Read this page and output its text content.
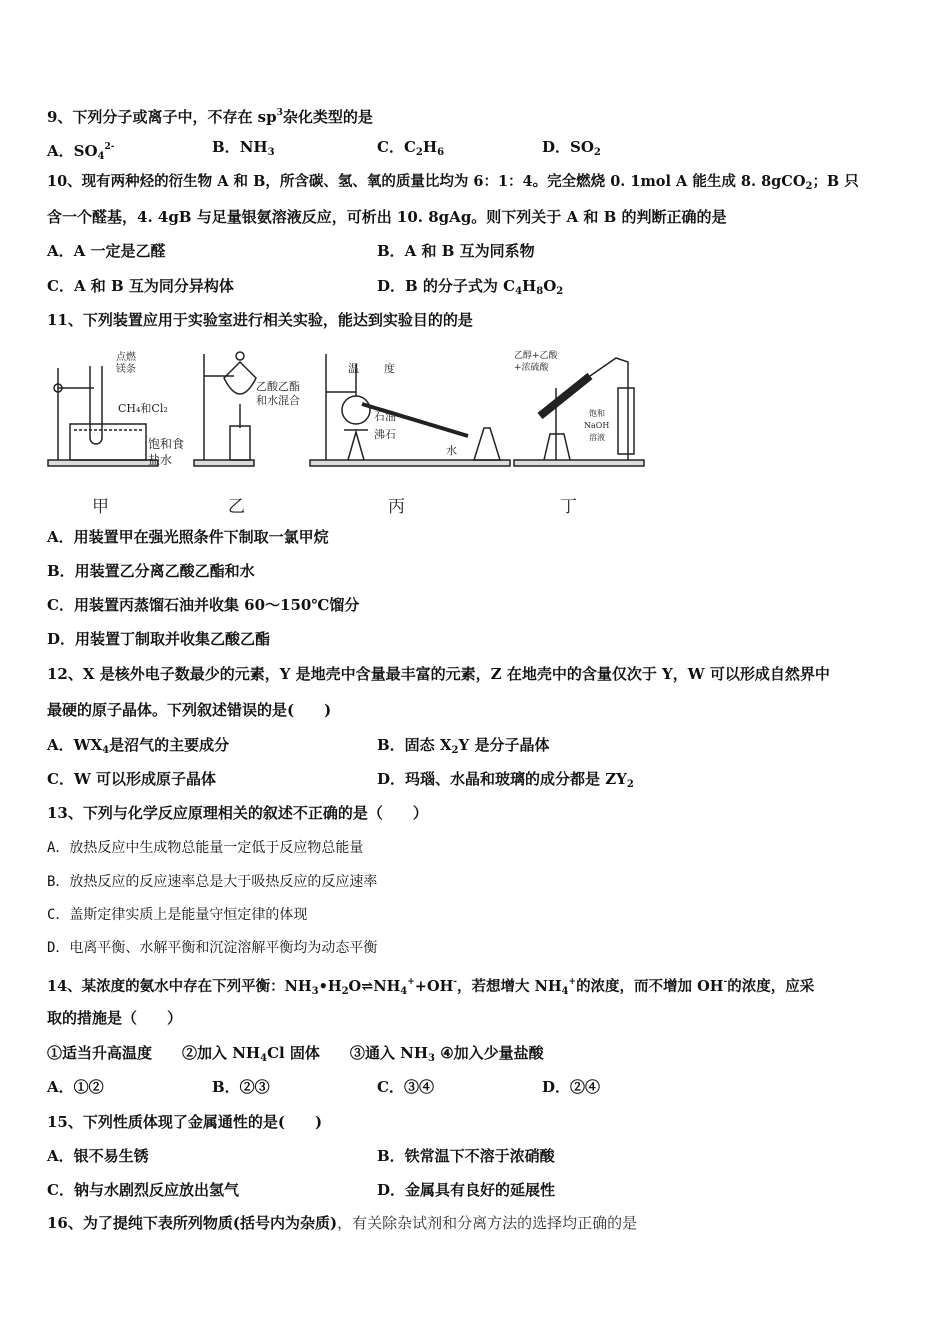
9、下列分子或离子中，不存在 $sp^3$杂化类型的是
A．$SO_4^{2-}$	B．$NH_3$	C．$C_2H_6$	D．$SO_2$
10、现有两种烃的衍生物 A 和 B，所含碳、氢、氧的质量比均为 6：1：4。完全燃烧 0. 1mol A 能生成 8. 8gCO$_2$；B 只
含一个醛基，4. 4gB 与足量银氨溶液反应，可析出 10. 8gAg。则下列关于 A 和 B 的判断正确的是
A．A 一定是乙醛	B．A 和 B 互为同系物
C．A 和 B 互为同分异构体	D．B 的分子式为 $C_4H_8O_2$
11、下列装置应用于实验室进行相关实验，能达到实验目的的是
点燃
镁条
CH₄和Cl₂
饱和食
盐水
乙酸乙酯
和水混合
温 度
石油
沸石
水
乙醇+乙酸
+浓硫酸
饱和
NaOH
溶液
甲	乙	丙	丁
A．用装置甲在强光照条件下制取一氯甲烷
B．用装置乙分离乙酸乙酯和水
C．用装置丙蒸馏石油并收集 60～150℃馏分
D．用装置丁制取并收集乙酸乙酯
12、X 是核外电子数最少的元素，Y 是地壳中含量最丰富的元素，Z 在地壳中的含量仅次于 Y，W 可以形成自然界中
最硬的原子晶体。下列叙述错误的是(　　)
A．$WX_4$是沼气的主要成分	B．固态 $X_2Y$ 是分子晶体
C．W 可以形成原子晶体	D．玛瑙、水晶和玻璃的成分都是 $ZY_2$
13、下列与化学反应原理相关的叙述不正确的是（　　）
A．放热反应中生成物总能量一定低于反应物总能量
B．放热反应的反应速率总是大于吸热反应的反应速率
C．盖斯定律实质上是能量守恒定律的体现
D．电离平衡、水解平衡和沉淀溶解平衡均为动态平衡
14、某浓度的氨水中存在下列平衡：$NH_3•H_2O\rightleftharpoons NH_4^++OH^-$，若想增大 $NH_4^+$的浓度，而不增加 OH-的浓度，应采
取的措施是（　　）
①适当升高温度　　②加入 $NH_4Cl$ 固体　　③通入 $NH_3$ ④加入少量盐酸
A．①②	B．②③	C．③④	D．②④
15、下列性质体现了金属通性的是(　　)
A．银不易生锈	B．铁常温下不溶于浓硝酸
C．钠与水剧烈反应放出氢气	D．金属具有良好的延展性
16、为了提纯下表所列物质(括号内为杂质)，有关除杂试剂和分离方法的选择均正确的是
